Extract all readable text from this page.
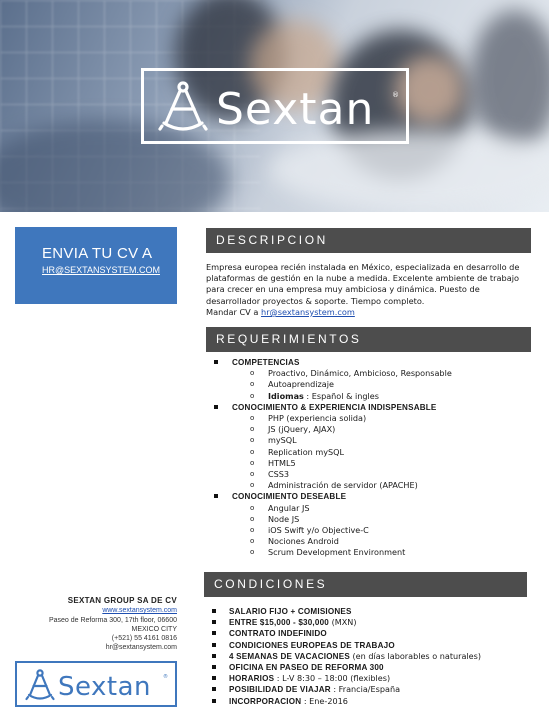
Sextan	®
ENVIA TU CV A
HR@SEXTANSYSTEM.COM
SEXTAN GROUP SA DE CV
www.sextansystem.com
Paseo de Reforma 300, 17th floor, 06600
MEXICO CITY
(+521) 55 4161 0816
hr@sextansystem.com
Sextan ®
DESCRIPCION
Empresa europea recién instalada en México, especializada en desarrollo de plataformas de gestión en la nube a medida. Excelente ambiente de trabajo para crecer en una empresa muy ambiciosa y dinámica. Puesto de desarrollador proyectos & soporte. Tiempo completo.
Mandar CV a hr@sextansystem.com
REQUERIMIENTOS
COMPETENCIAS
o Proactivo, Dinámico, Ambicioso, Responsable
o Autoaprendizaje
o Idiomas : Español & ingles
CONOCIMIENTO & EXPERIENCIA INDISPENSABLE
o PHP (experiencia solida)
o JS (jQuery, AJAX)
o mySQL
o Replication mySQL
o HTML5
o CSS3
o Administración de servidor (APACHE)
CONOCIMIENTO DESEABLE
o Angular JS
o Node JS
o iOS Swift y/o Objective-C
o Nociones Android
o Scrum Development Environment
CONDICIONES
SALARIO FIJO + COMISIONES
ENTRE $15,000 - $30,000 (MXN)
CONTRATO INDEFINIDO
CONDICIONES EUROPEAS DE TRABAJO
4 SEMANAS DE VACACIONES (en días laborables o naturales)
OFICINA EN PASEO DE REFORMA 300
HORARIOS : L-V 8:30 – 18:00 (flexibles)
POSIBILIDAD DE VIAJAR : Francia/España
INCORPORACION : Ene-2016
